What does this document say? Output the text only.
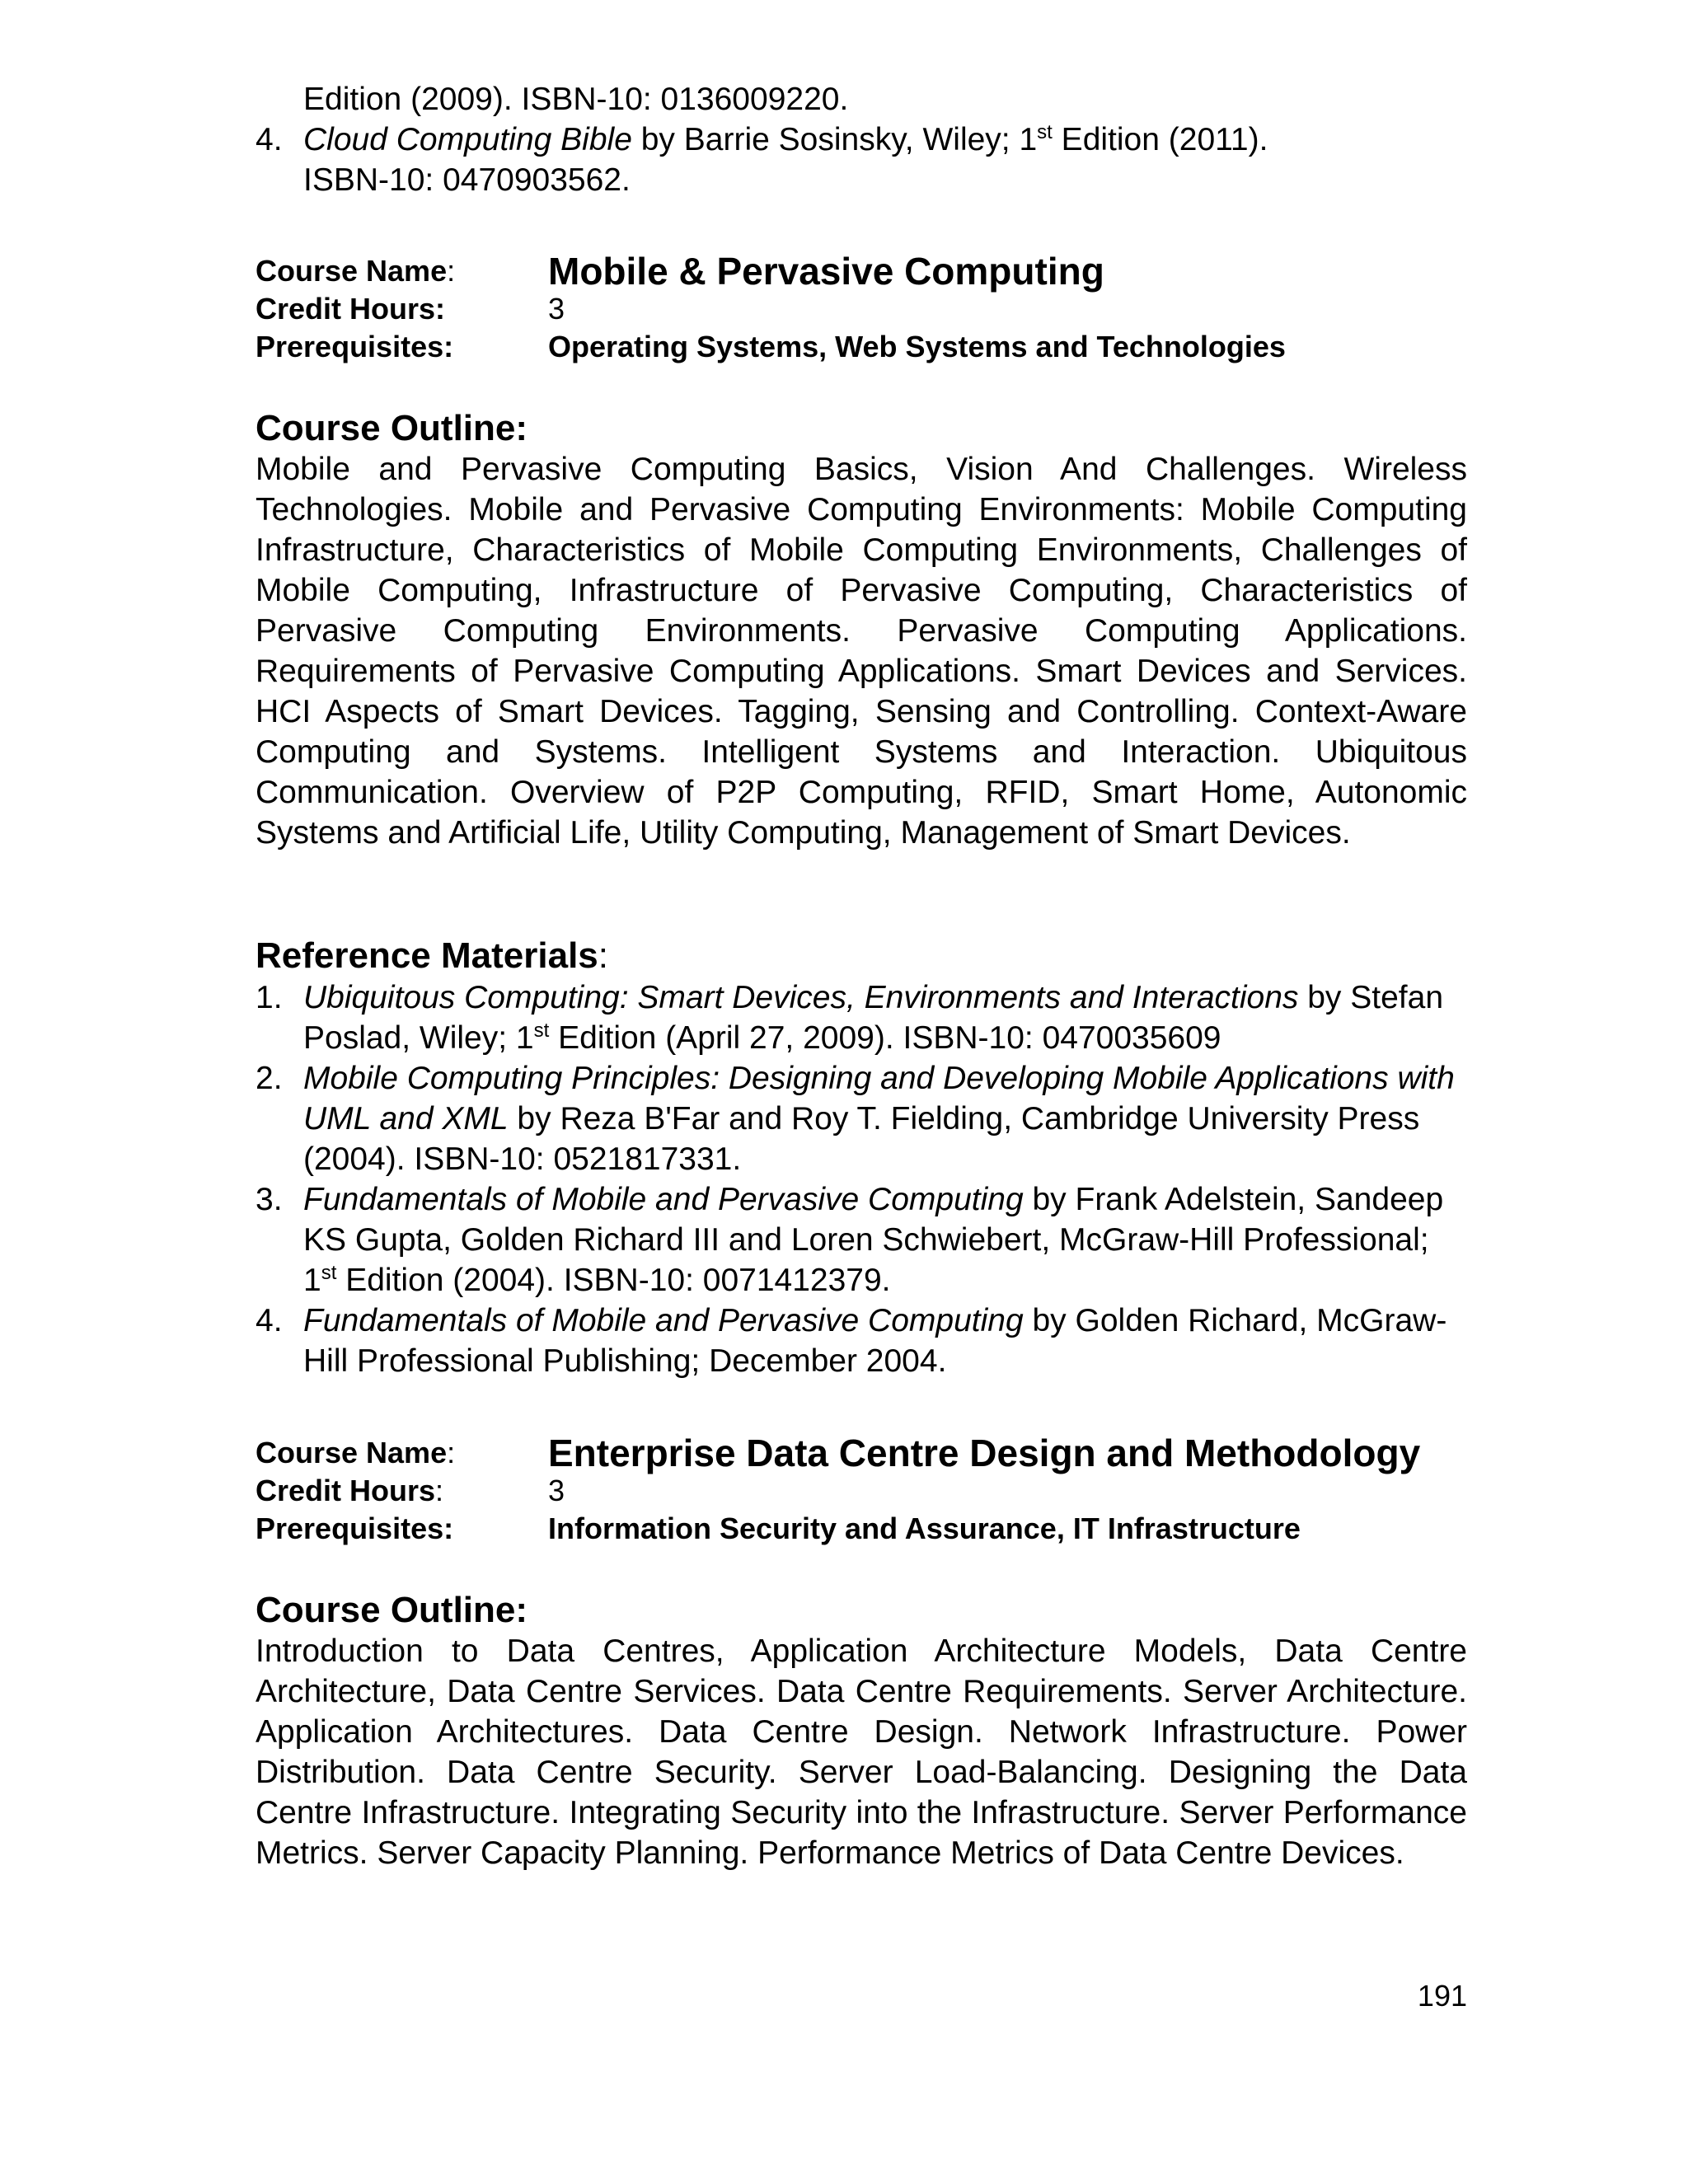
Edition (2009). ISBN-10: 0136009220.
4. Cloud Computing Bible by Barrie Sosinsky, Wiley; 1st Edition (2011).
ISBN-10: 0470903562.
Course Name:	Mobile & Pervasive Computing
Credit Hours:	3
Prerequisites:	Operating Systems, Web Systems and Technologies
Course Outline:
Mobile and Pervasive Computing Basics, Vision And Challenges. Wireless Technologies. Mobile and Pervasive Computing Environments: Mobile Computing Infrastructure, Characteristics of Mobile Computing Environments, Challenges of Mobile Computing, Infrastructure of Pervasive Computing, Characteristics of Pervasive Computing Environments. Pervasive Computing Applications. Requirements of Pervasive Computing Applications. Smart Devices and Services. HCI Aspects of Smart Devices. Tagging, Sensing and Controlling. Context-Aware Computing and Systems. Intelligent Systems and Interaction. Ubiquitous Communication. Overview of P2P Computing, RFID, Smart Home, Autonomic Systems and Artificial Life, Utility Computing, Management of Smart Devices.
Reference Materials:
1. Ubiquitous Computing: Smart Devices, Environments and Interactions by Stefan Poslad, Wiley; 1st Edition (April 27, 2009). ISBN-10: 0470035609
2. Mobile Computing Principles: Designing and Developing Mobile Applications with UML and XML by Reza B'Far and Roy T. Fielding, Cambridge University Press (2004). ISBN-10: 0521817331.
3. Fundamentals of Mobile and Pervasive Computing by Frank Adelstein, Sandeep KS Gupta, Golden Richard III and Loren Schwiebert, McGraw-Hill Professional; 1st Edition (2004). ISBN-10: 0071412379.
4. Fundamentals of Mobile and Pervasive Computing by Golden Richard, McGraw-Hill Professional Publishing; December 2004.
Course Name:	Enterprise Data Centre Design and Methodology
Credit Hours:	3
Prerequisites:	Information Security and Assurance, IT Infrastructure
Course Outline:
Introduction to Data Centres, Application Architecture Models, Data Centre Architecture, Data Centre Services. Data Centre Requirements. Server Architecture. Application Architectures. Data Centre Design. Network Infrastructure. Power Distribution. Data Centre Security. Server Load-Balancing. Designing the Data Centre Infrastructure. Integrating Security into the Infrastructure. Server Performance Metrics. Server Capacity Planning. Performance Metrics of Data Centre Devices.
191
